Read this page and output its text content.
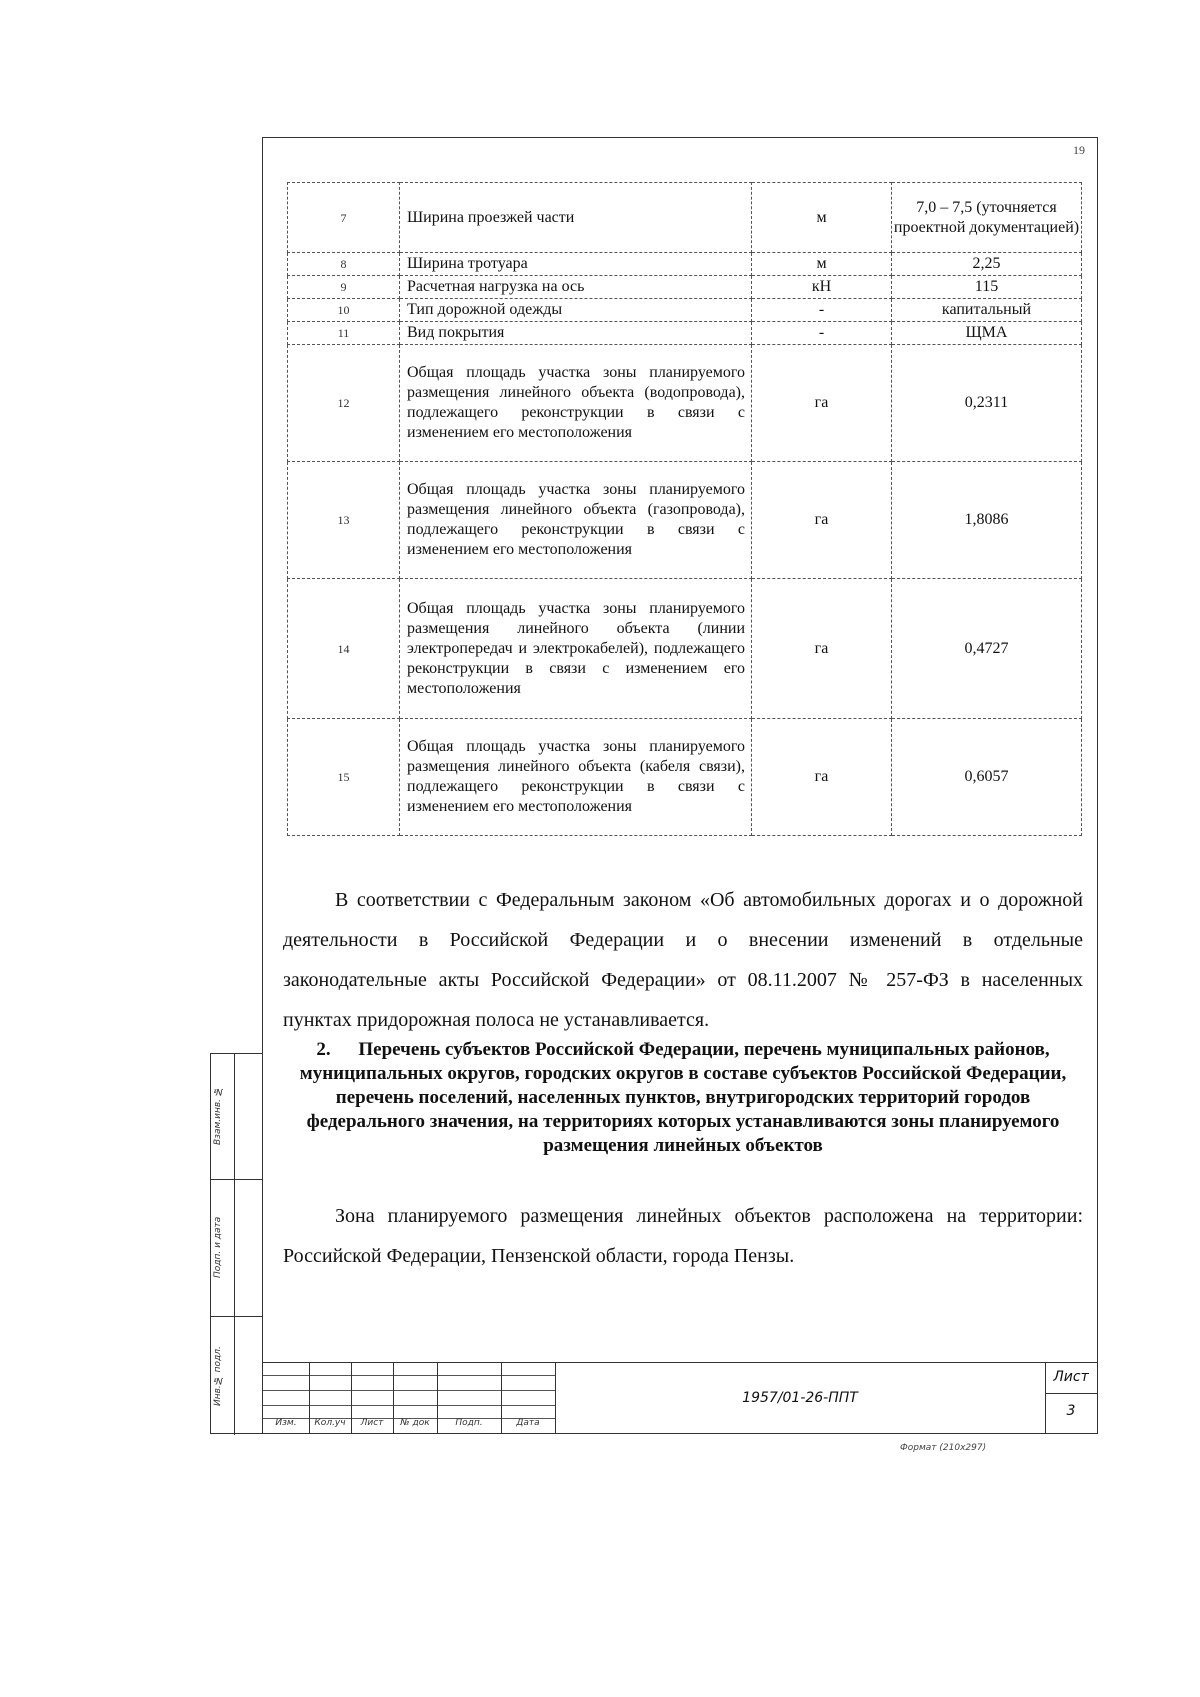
19
7	Ширина проезжей части	м	7,0 – 7,5 (уточняется проектной документацией)
8	Ширина тротуара	м	2,25
9	Расчетная нагрузка на ось	кН	115
10	Тип дорожной одежды	-	капитальный
11	Вид покрытия	-	ЩМА
12	Общая площадь участка зоны планируемого размещения линейного объекта (водопровода), подлежащего реконструкции в связи с изменением его местоположения	га	0,2311
13	Общая площадь участка зоны планируемого размещения линейного объекта (газопровода), подлежащего реконструкции в связи с изменением его местоположения	га	1,8086
14	Общая площадь участка зоны планируемого размещения линейного объекта (линии электропередач и электрокабелей), подлежащего реконструкции в связи с изменением его местоположения	га	0,4727
15	Общая площадь участка зоны планируемого размещения линейного объекта (кабеля связи), подлежащего реконструкции в связи с изменением его местоположения	га	0,6057
В соответствии с Федеральным законом «Об автомобильных дорогах и о дорожной деятельности в Российской Федерации и о внесении изменений в отдельные законодательные акты Российской Федерации» от 08.11.2007 № 257-ФЗ в населенных пунктах придорожная полоса не устанавливается.
2. Перечень субъектов Российской Федерации, перечень муниципальных районов, муниципальных округов, городских округов в составе субъектов Российской Федерации, перечень поселений, населенных пунктов, внутригородских территорий городов федерального значения, на территориях которых устанавливаются зоны планируемого размещения линейных объектов
Зона планируемого размещения линейных объектов расположена на территории: Российской Федерации, Пензенской области, города Пензы.
Изм.	Кол.уч	Лист	№ док	Подп.	Дата
1957/01-26-ППТ
Лист
3
Взам.инв. №
Подп. и дата
Инв.№ подл.
Формат (210х297)
